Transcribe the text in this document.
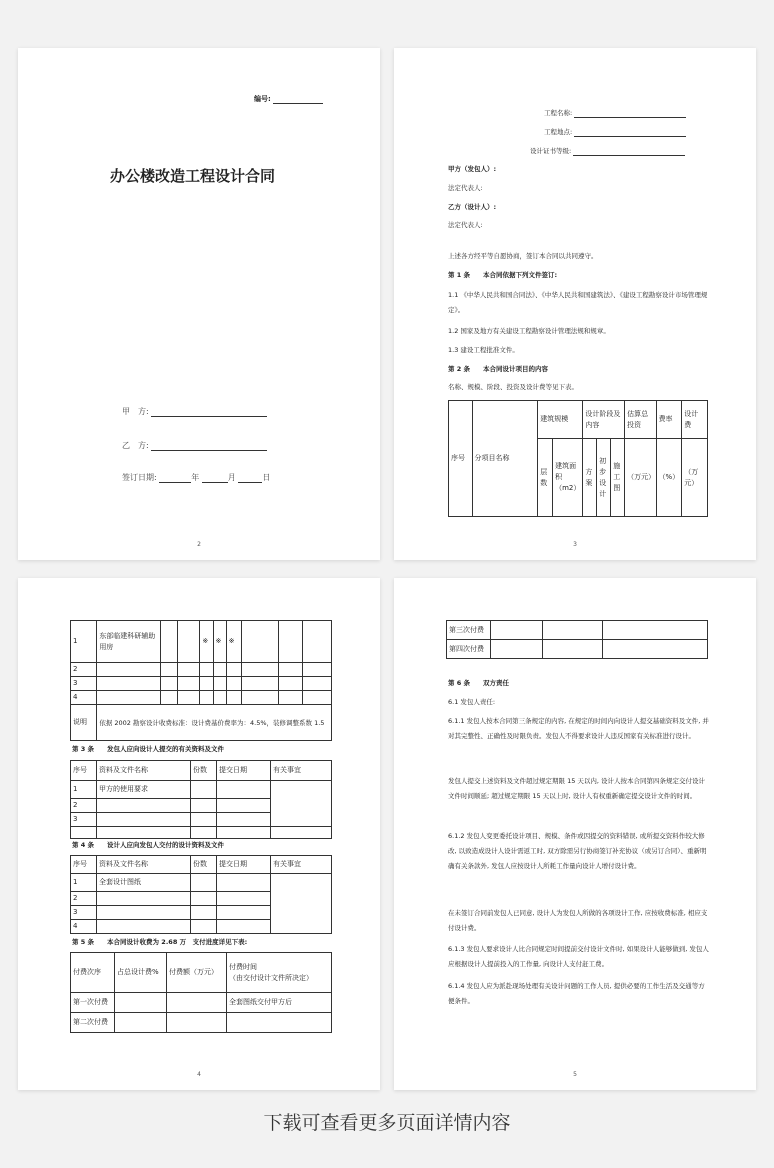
编号:
办公楼改造工程设计合同
甲　方:
乙　方:
签订日期:	年	月	日
2
工程名称:
工程地点:
设计证书等级:
甲方（发包人）:
法定代表人:
乙方（设计人）:
法定代表人:
上述各方经平等自愿协商，签订本合同以共同遵守。
第 1 条　　本合同依据下列文件签订:
1.1 《中华人民共和国合同法》、《中华人民共和国建筑法》、《建设工程勘察设计市场管理规定》。
1.2 国家及地方有关建设工程勘察设计管理法规和规章。
1.3 建设工程批准文件。
第 2 条　　本合同设计项目的内容
名称、规模、阶段、投资及设计费等见下表。
序号	分项目名称	建筑规模		设计阶段及内容			估算总投资	费率	设计费
		层数	建筑面积（m2）	方案	初步设计	施工图	（万元）	（%）	（万元）
3
1	东部临建科研辅助用房			※	※	※			
2									
3									
4									
说明	依据 2002 勘察设计收费标准：设计费基价费率为：4.5%，装修调整系数 1.5								
第 3 条　　发包人应向设计人提交的有关资料及文件
序号	资料及文件名称	份数	提交日期	有关事宜
1	甲方的使用要求			
2				
3				

第 4 条　　设计人应向发包人交付的设计资料及文件
序号	资料及文件名称	份数	提交日期	有关事宜
1	全套设计图纸			
2				
3				
4				
第 5 条　　本合同设计收费为 2.68 万　支付进度详见下表:
付费次序	占总设计费%	付费额（万元）	付费时间
（由交付设计文件所决定）

第一次付费			全套图纸交付甲方后
第二次付费			
4
第三次付费			
第四次付费			
第 6 条　　双方责任
6.1 发包人责任:
6.1.1 发包人按本合同第三条规定的内容, 在规定的时间内向设计人提交基础资料及文件, 并对其完整性、正确性及时限负责。发包人不得要求设计人违反国家有关标准进行设计。
发包人提交上述资料及文件超过规定期限 15 天以内, 设计人按本合同第四条规定交付设计文件时间顺延; 超过规定期限 15 天以上时, 设计人有权重新确定提交设计文件的时间。
6.1.2 发包人变更委托设计项目、规模、条件或因提交的资料错误, 或所提交资料作较大修改, 以致造成设计人设计需返工时, 双方除需另行协商签订补充协议（或另订合同）、重新明确有关条款外, 发包人应按设计人所耗工作量向设计人增付设计费。
在未签订合同前发包人已同意, 设计人为发包人所做的各项设计工作, 应按收费标准, 相应支付设计费。
6.1.3 发包人要求设计人比合同规定时间提前交付设计文件时, 如果设计人能够做到, 发包人应根据设计人提前投入的工作量, 向设计人支付赶工费。
6.1.4 发包人应为派赴现场处理有关设计问题的工作人员, 提供必要的工作生活及交通等方便条件。
5
下载可查看更多页面详情内容
